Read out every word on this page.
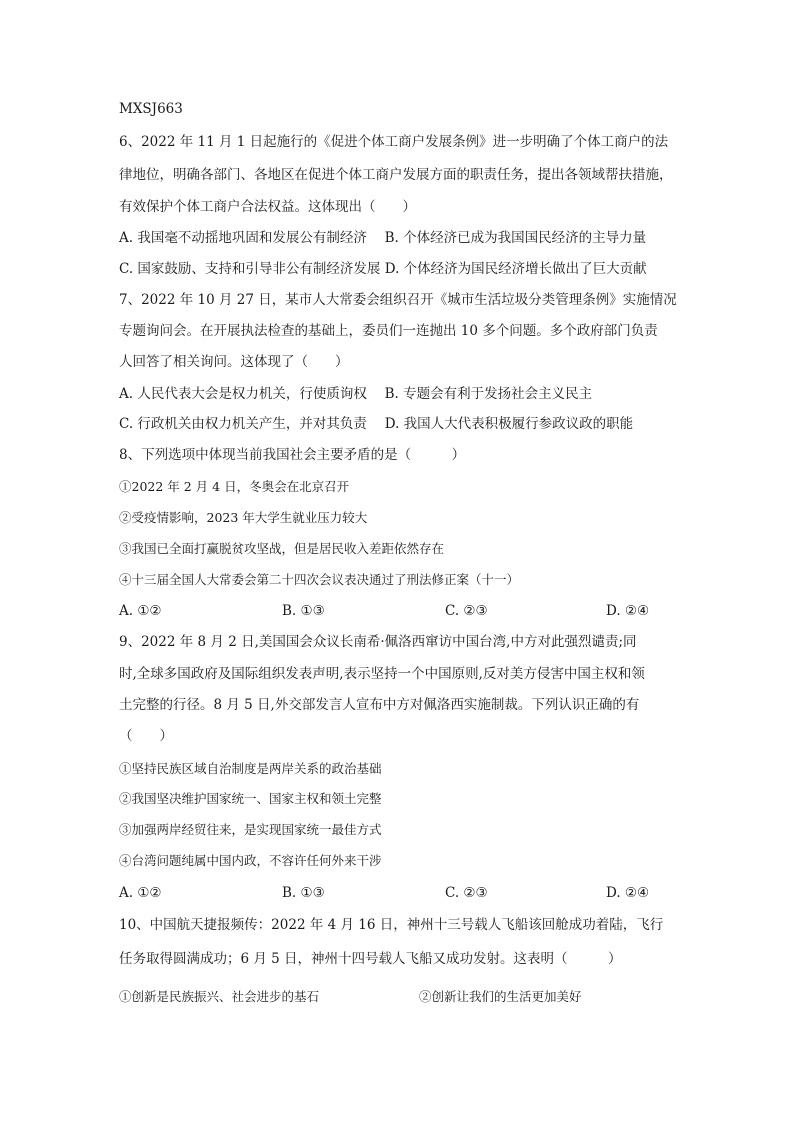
MXSJ663
6、2022 年 11 月 1 日起施行的《促进个体工商户发展条例》进一步明确了个体工商户的法
律地位，明确各部门、各地区在促进个体工商户发展方面的职责任务，提出各领域帮扶措施，
有效保护个体工商户合法权益。这体现出（　　）
A. 我国毫不动摇地巩固和发展公有制经济　 B. 个体经济已成为我国国民经济的主导力量
C. 国家鼓励、支持和引导非公有制经济发展 D. 个体经济为国民经济增长做出了巨大贡献
7、2022 年 10 月 27 日，某市人大常委会组织召开《城市生活垃圾分类管理条例》实施情况
专题询问会。在开展执法检查的基础上，委员们一连抛出 10 多个问题。多个政府部门负责
人回答了相关询问。这体现了（　　）
A. 人民代表大会是权力机关，行使质询权　 B. 专题会有利于发扬社会主义民主
C. 行政机关由权力机关产生，并对其负责　 D. 我国人大代表积极履行参政议政的职能
8、下列选项中体现当前我国社会主要矛盾的是（　　　）
①2022 年 2 月 4 日，冬奥会在北京召开
②受疫情影响，2023 年大学生就业压力较大
③我国已全面打赢脱贫攻坚战，但是居民收入差距依然存在
④十三届全国人大常委会第二十四次会议表决通过了刑法修正案（十一）
A. ①②	B. ①③	C. ②③	D. ②④
9、2022 年 8 月 2 日,美国国会众议长南希·佩洛西窜访中国台湾,中方对此强烈谴责;同
时,全球多国政府及国际组织发表声明,表示坚持一个中国原则,反对美方侵害中国主权和领
土完整的行径。8 月 5 日,外交部发言人宣布中方对佩洛西实施制裁。下列认识正确的有
（　　）
①坚持民族区域自治制度是两岸关系的政治基础
②我国坚决维护国家统一、国家主权和领土完整
③加强两岸经贸往来，是实现国家统一最佳方式
④台湾问题纯属中国内政，不容许任何外来干涉
A. ①②	B. ①③	C. ②③	D. ②④
10、中国航天捷报频传：2022 年 4 月 16 日，神州十三号载人飞船该回舱成功着陆，飞行
任务取得圆满成功；6 月 5 日，神州十四号载人飞船又成功发射。这表明（　　　）
①创新是民族振兴、社会进步的基石	②创新让我们的生活更加美好
